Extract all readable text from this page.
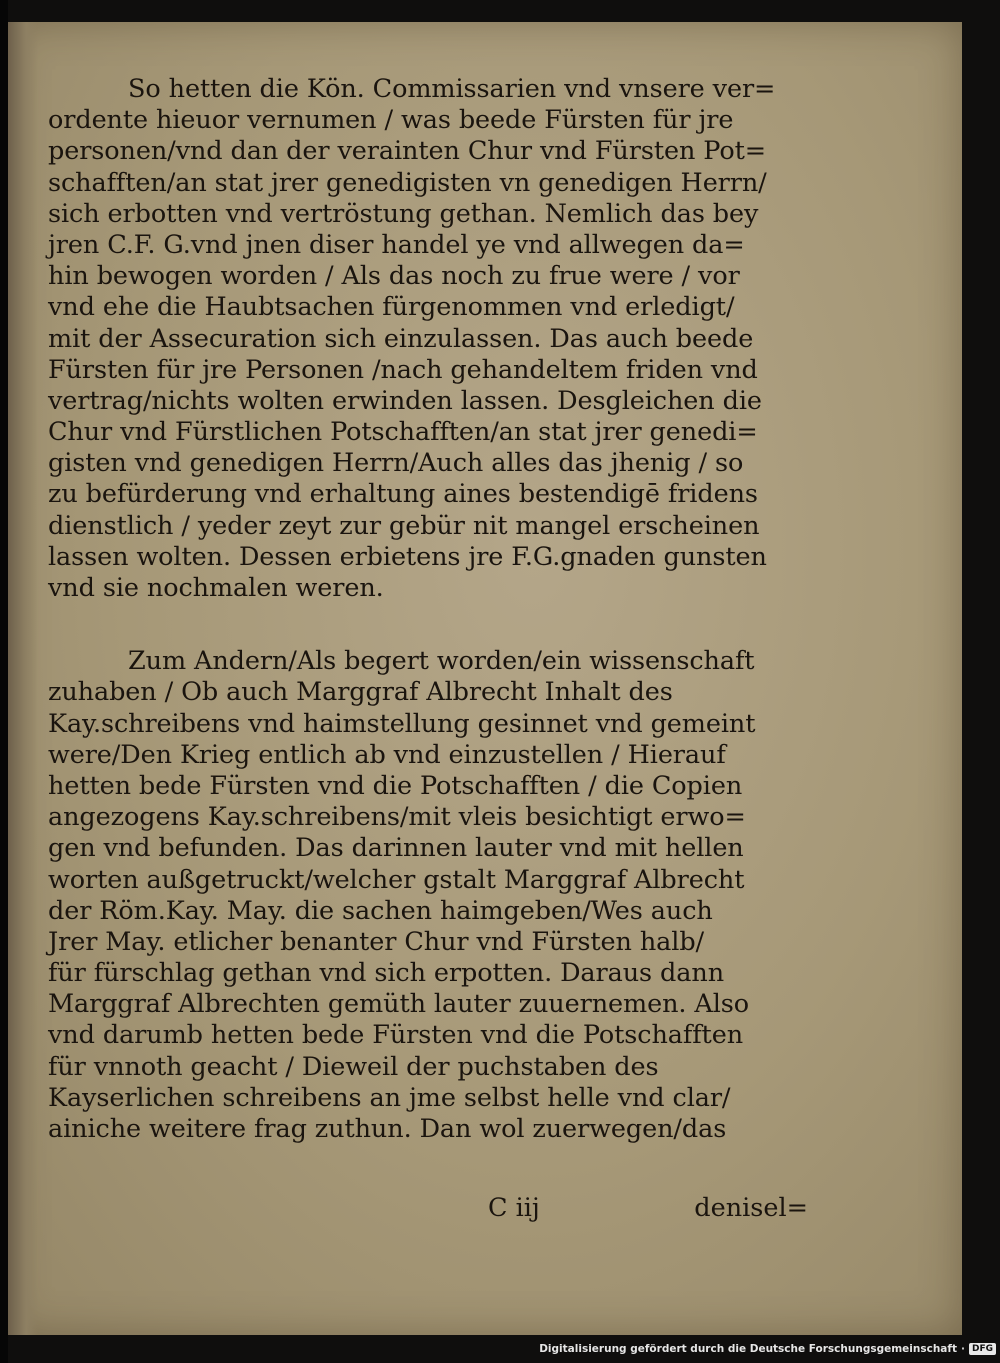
So hetten die Kön. Commissarien vnd vnsere ver=
ordente hieuor vernumen / was beede Fürsten für jre
personen/vnd dan der verainten Chur vnd Fürsten Pot=
schafften/an stat jrer genedigisten vn genedigen Herrn/
sich erbotten vnd vertröstung gethan. Nemlich das bey
jren C.F. G.vnd jnen diser handel ye vnd allwegen da=
hin bewogen worden / Als das noch zu frue were / vor
vnd ehe die Haubtsachen fürgenommen vnd erledigt/
mit der Assecuration sich einzulassen. Das auch beede
Fürsten für jre Personen /nach gehandeltem friden vnd
vertrag/nichts wolten erwinden lassen. Desgleichen die
Chur vnd Fürstlichen Potschafften/an stat jrer genedi=
gisten vnd genedigen Herrn/Auch alles das jhenig / so
zu befürderung vnd erhaltung aines bestendigē fridens
dienstlich / yeder zeyt zur gebür nit mangel erscheinen
lassen wolten. Dessen erbietens jre F.G.gnaden gunsten
vnd sie nochmalen weren.
Zum Andern/Als begert worden/ein wissenschaft
zuhaben / Ob auch Marggraf Albrecht Inhalt des
Kay.schreibens vnd haimstellung gesinnet vnd gemeint
were/Den Krieg entlich ab vnd einzustellen / Hierauf
hetten bede Fürsten vnd die Potschafften / die Copien
angezogens Kay.schreibens/mit vleis besichtigt erwo=
gen vnd befunden. Das darinnen lauter vnd mit hellen
worten außgetruckt/welcher gstalt Marggraf Albrecht
der Röm.Kay. May. die sachen haimgeben/Wes auch
Jrer May. etlicher benanter Chur vnd Fürsten halb/
für fürschlag gethan vnd sich erpotten. Daraus dann
Marggraf Albrechten gemüth lauter zuuernemen. Also
vnd darumb hetten bede Fürsten vnd die Potschafften
für vnnoth geacht / Dieweil der puchstaben des
Kayserlichen schreibens an jme selbst helle vnd clar/
ainiche weitere frag zuthun. Dan wol zuerwegen/das
C iij	denisel=
Digitalisierung gefördert durch die Deutsche Forschungsgemeinschaft · DFG
